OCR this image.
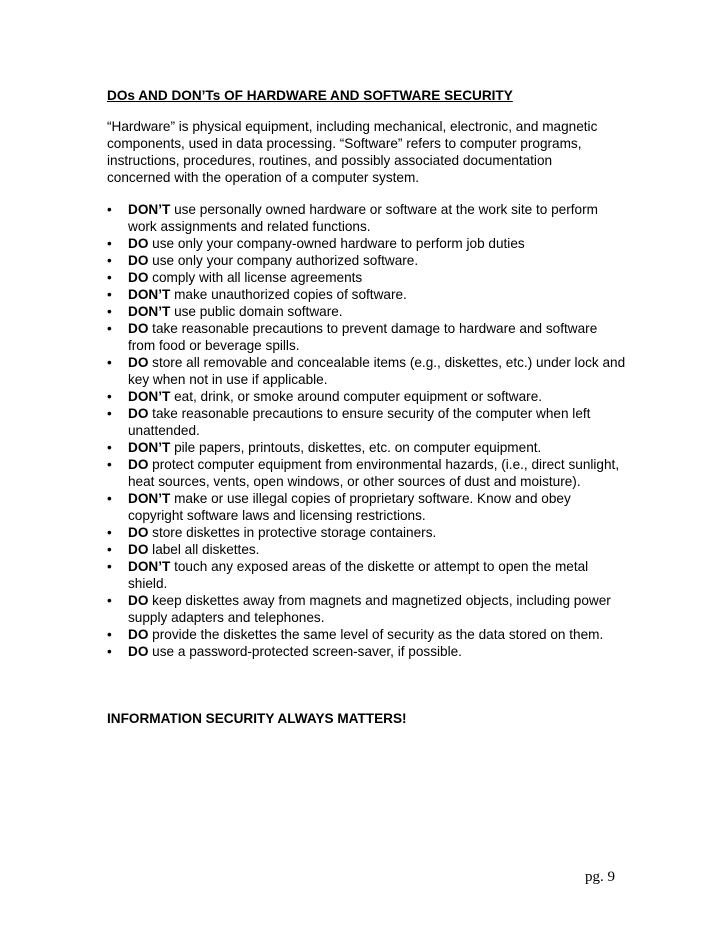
DOs AND DON’Ts OF HARDWARE AND SOFTWARE SECURITY

“Hardware” is physical equipment, including mechanical, electronic, and magnetic components, used in data processing. “Software” refers to computer programs, instructions, procedures, routines, and possibly associated documentation concerned with the operation of a computer system.

• DON’T use personally owned hardware or software at the work site to perform work assignments and related functions.
• DO use only your company-owned hardware to perform job duties
• DO use only your company authorized software.
• DO comply with all license agreements
• DON’T make unauthorized copies of software.
• DON’T use public domain software.
• DO take reasonable precautions to prevent damage to hardware and software from food or beverage spills.
• DO store all removable and concealable items (e.g., diskettes, etc.) under lock and key when not in use if applicable.
• DON’T eat, drink, or smoke around computer equipment or software.
• DO take reasonable precautions to ensure security of the computer when left unattended.
• DON’T pile papers, printouts, diskettes, etc. on computer equipment.
• DO protect computer equipment from environmental hazards, (i.e., direct sunlight, heat sources, vents, open windows, or other sources of dust and moisture).
• DON’T make or use illegal copies of proprietary software. Know and obey copyright software laws and licensing restrictions.
• DO store diskettes in protective storage containers.
• DO label all diskettes.
• DON’T touch any exposed areas of the diskette or attempt to open the metal shield.
• DO keep diskettes away from magnets and magnetized objects, including power supply adapters and telephones.
• DO provide the diskettes the same level of security as the data stored on them.
• DO use a password-protected screen-saver, if possible.
INFORMATION SECURITY ALWAYS MATTERS!
pg. 9
